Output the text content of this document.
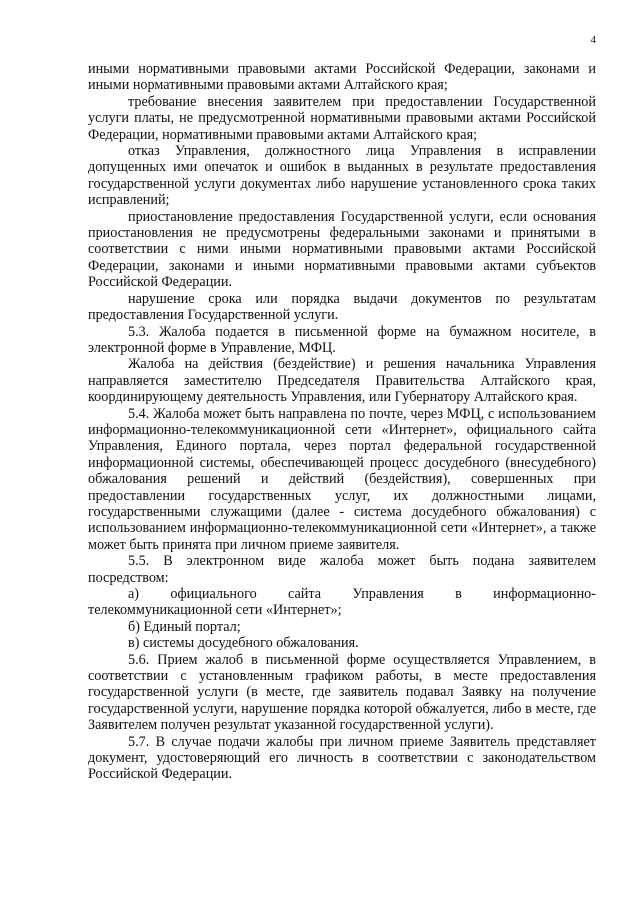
4

иными нормативными правовыми актами Российской Федерации, законами и иными нормативными правовыми актами Алтайского края;

требование внесения заявителем при предоставлении Государственной услуги платы, не предусмотренной нормативными правовыми актами Российской Федерации, нормативными правовыми актами Алтайского края;

отказ Управления, должностного лица Управления в исправлении допущенных ими опечаток и ошибок в выданных в результате предоставления государственной услуги документах либо нарушение установленного срока таких исправлений;

приостановление предоставления Государственной услуги, если основания приостановления не предусмотрены федеральными законами и принятыми в соответствии с ними иными нормативными правовыми актами Российской Федерации, законами и иными нормативными правовыми актами субъектов Российской Федерации.

нарушение срока или порядка выдачи документов по результатам предоставления Государственной услуги.

5.3. Жалоба подается в письменной форме на бумажном носителе, в электронной форме в Управление, МФЦ.

Жалоба на действия (бездействие) и решения начальника Управления направляется заместителю Председателя Правительства Алтайского края, координирующему деятельность Управления, или Губернатору Алтайского края.

5.4. Жалоба может быть направлена по почте, через МФЦ, с использованием информационно-телекоммуникационной сети «Интернет», официального сайта Управления, Единого портала, через портал федеральной государственной информационной системы, обеспечивающей процесс досудебного (внесудебного) обжалования решений и действий (бездействия), совершенных при предоставлении государственных услуг, их должностными лицами, государственными служащими (далее - система досудебного обжалования) с использованием информационно-телекоммуникационной сети «Интернет», а также может быть принята при личном приеме заявителя.

5.5. В электронном виде жалоба может быть подана заявителем посредством:

а) официального сайта Управления в информационно-телекоммуникационной сети «Интернет»;

б) Единый портал;

в) системы досудебного обжалования.

5.6. Прием жалоб в письменной форме осуществляется Управлением, в соответствии с установленным графиком работы, в месте предоставления государственной услуги (в месте, где заявитель подавал Заявку на получение государственной услуги, нарушение порядка которой обжалуется, либо в месте, где Заявителем получен результат указанной государственной услуги).

5.7. В случае подачи жалобы при личном приеме Заявитель представляет документ, удостоверяющий его личность в соответствии с законодательством Российской Федерации.
